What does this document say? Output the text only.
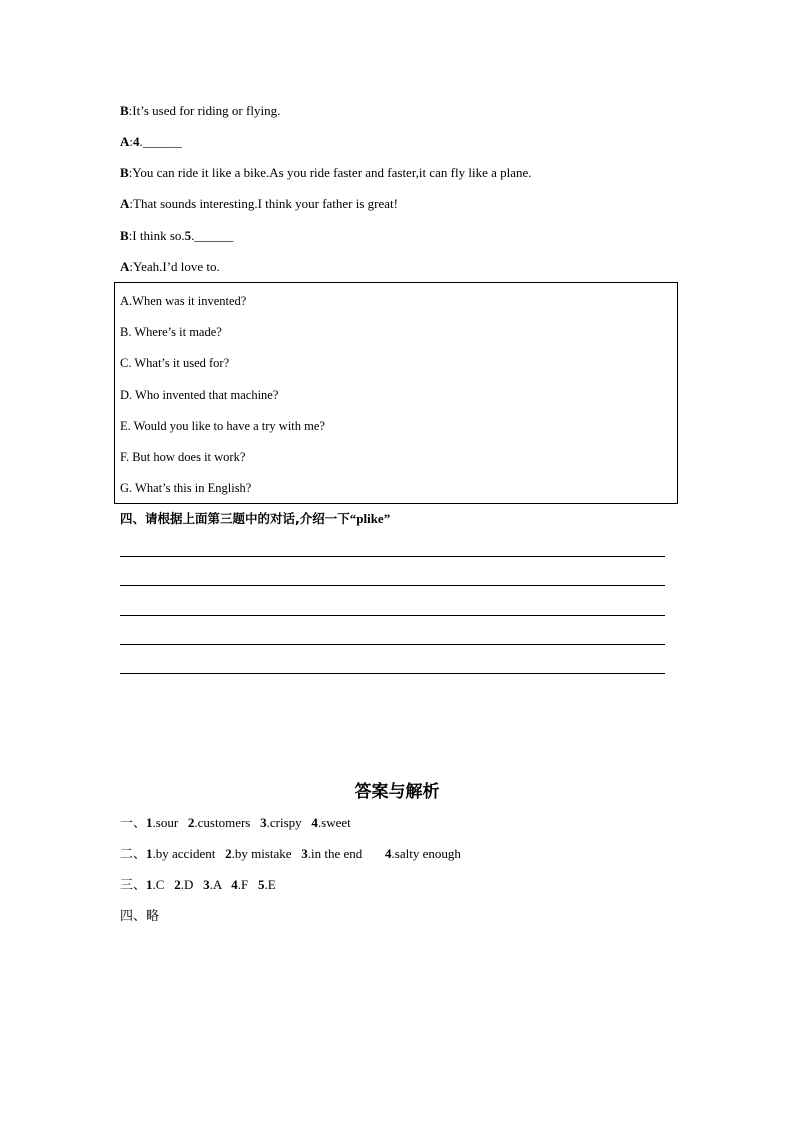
B:It’s used for riding or flying.
A:4.______
B:You can ride it like a bike.As you ride faster and faster,it can fly like a plane.
A:That sounds interesting.I think your father is great!
B:I think so.5.______
A:Yeah.I’d love to.
A.When was it invented?
B. Where’s it made?
C. What’s it used for?
D. Who invented that machine?
E. Would you like to have a try with me?
F. But how does it work?
G. What’s this in English?
四、请根据上面第三题中的对话,介绍一下“plike”
答案与解析
一、1.sour 2.customers 3.crispy 4.sweet
二、1.by accident 2.by mistake 3.in the end 4.salty enough
三、1.C 2.D 3.A 4.F 5.E
四、略
